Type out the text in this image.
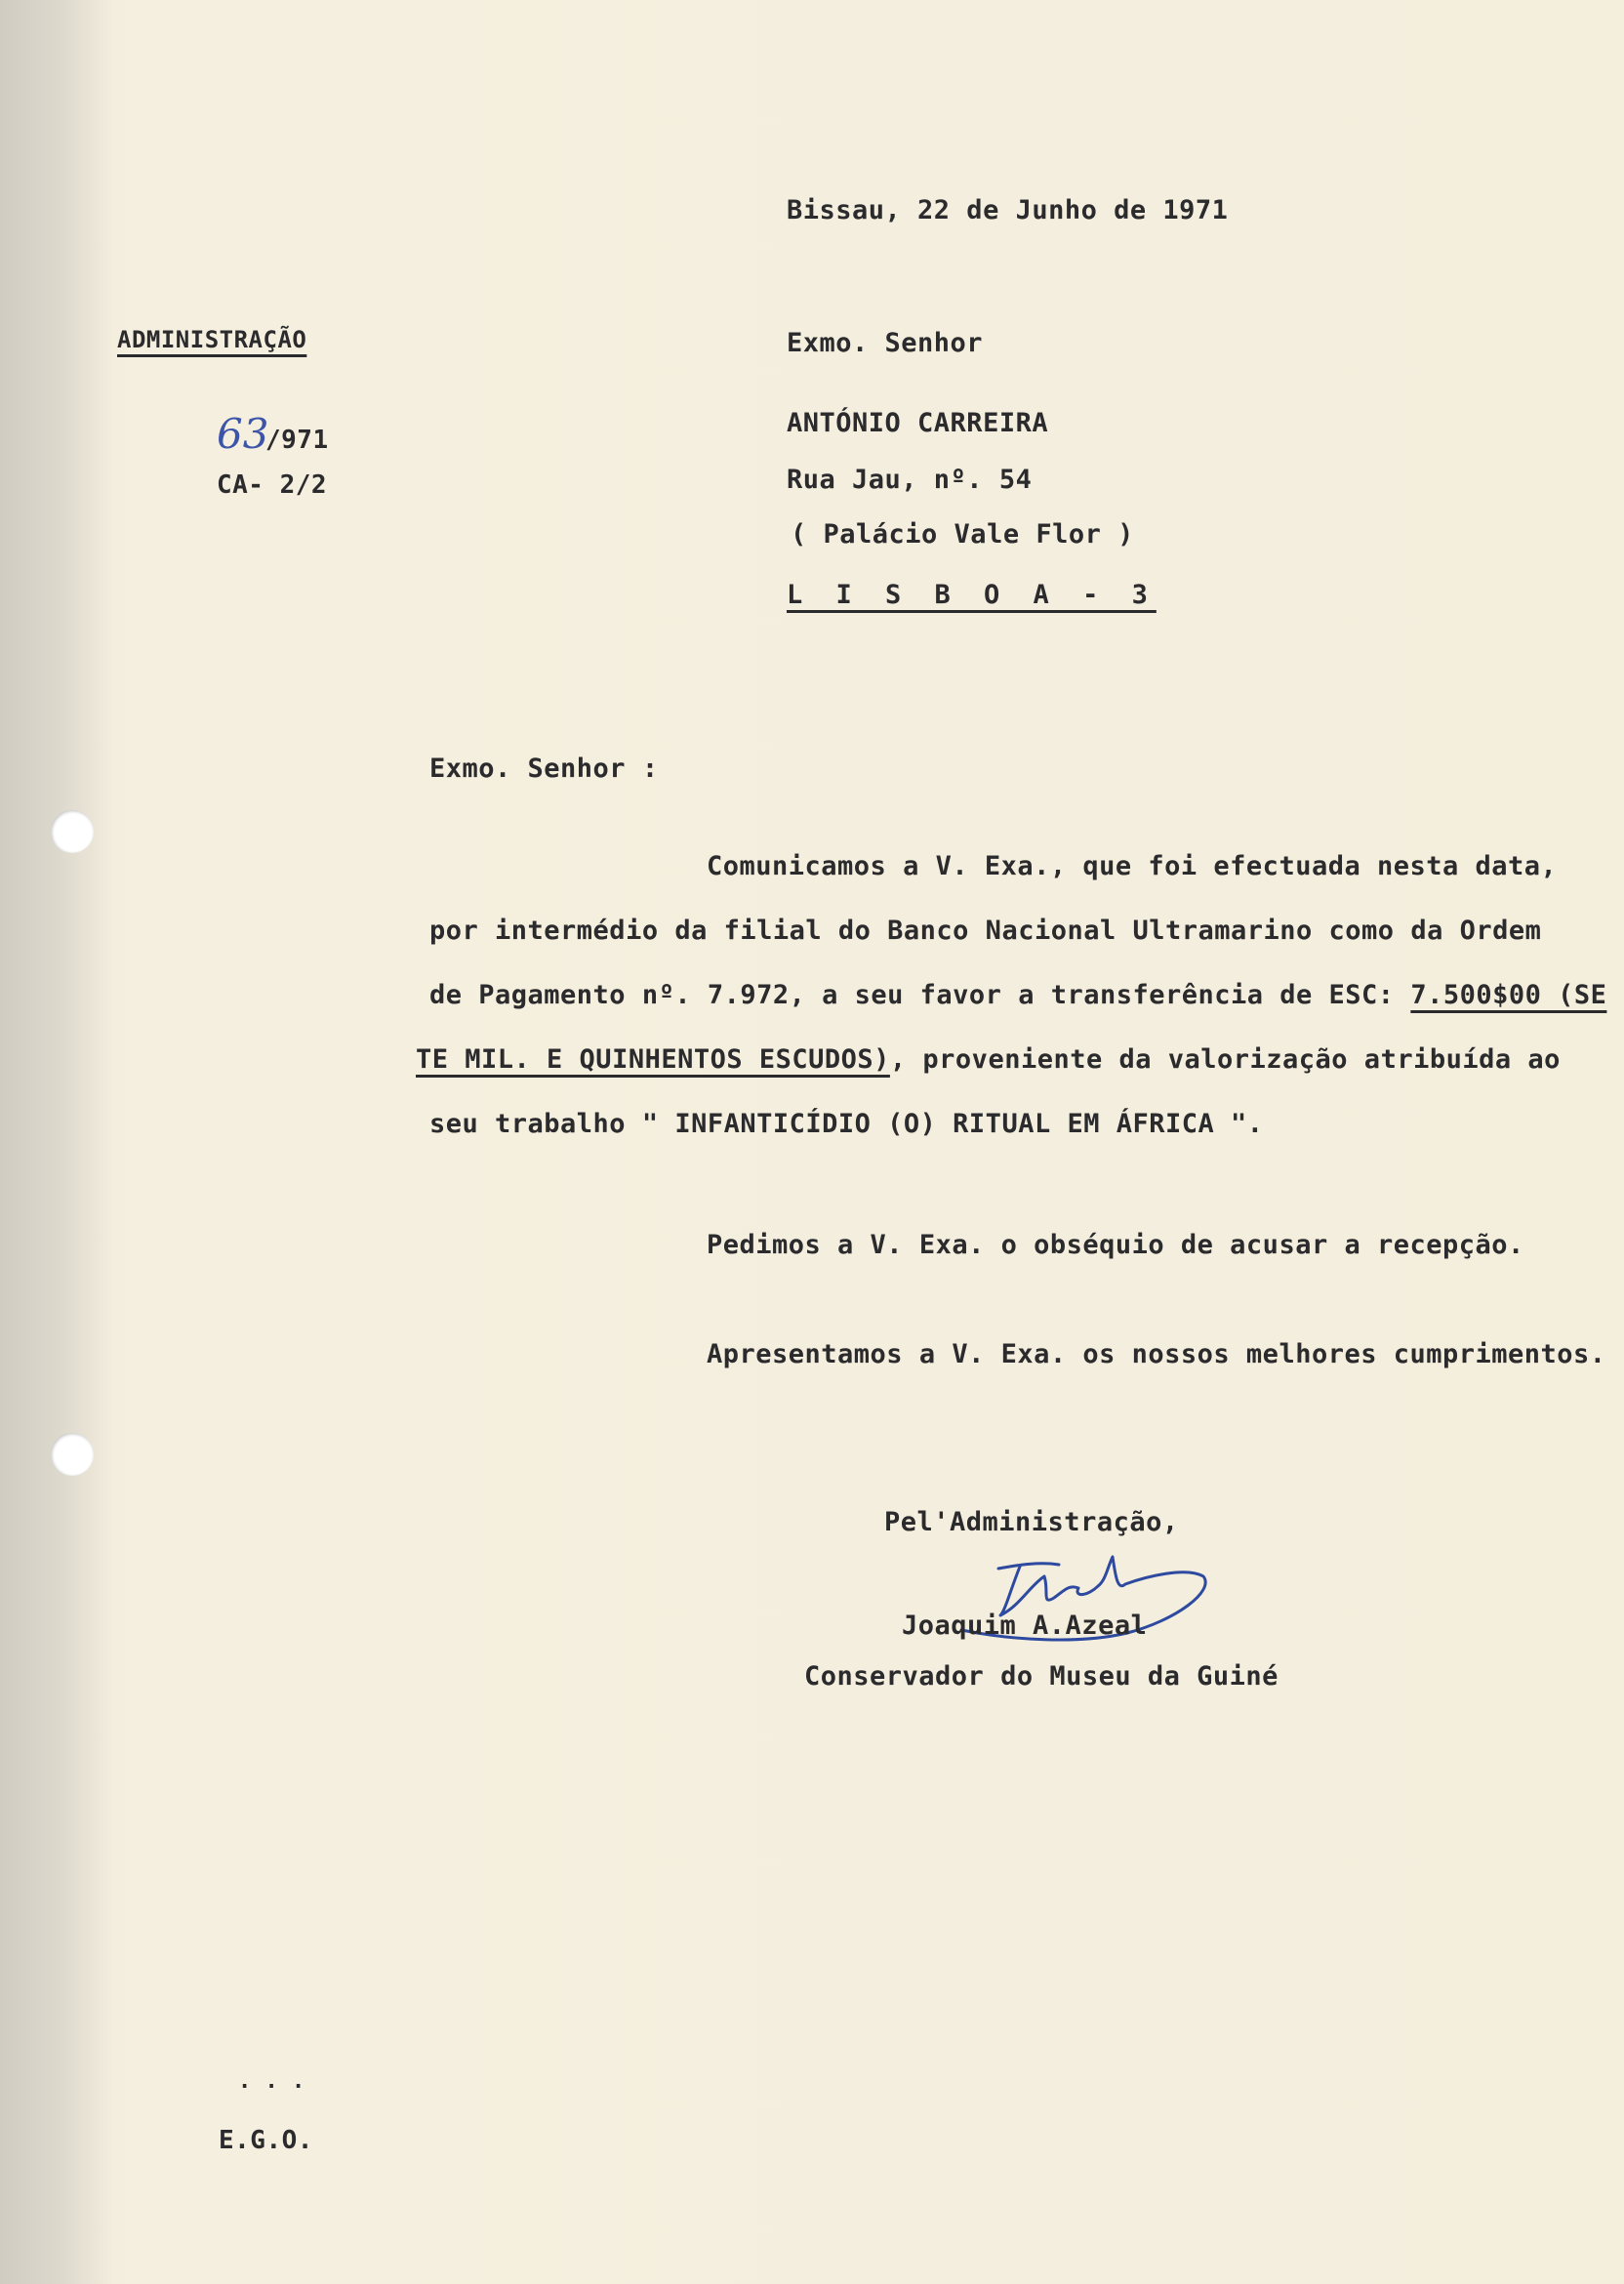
Bissau, 22 de Junho de 1971
ADMINISTRAÇÃO
63
/971
CA- 2/2
Exmo. Senhor
ANTÓNIO CARREIRA
Rua Jau, nº. 54
( Palácio Vale Flor )
L I S B O A - 3
Exmo. Senhor :
Comunicamos a V. Exa., que foi efectuada nesta data,
por intermédio da filial do Banco Nacional Ultramarino como da Ordem
de Pagamento nº. 7.972, a seu favor a transferência de ESC: 7.500$00 (SE
TE MIL. E QUINHENTOS ESCUDOS), proveniente da valorização atribuída ao
seu trabalho " INFANTICÍDIO (O) RITUAL EM ÁFRICA ".
Pedimos a V. Exa. o obséquio de acusar a recepção.
Apresentamos a V. Exa. os nossos melhores cumprimentos.
Pel'Administração,
Joaquim A.Azeal
Conservador do Museu da Guiné
. . .
E.G.O.
